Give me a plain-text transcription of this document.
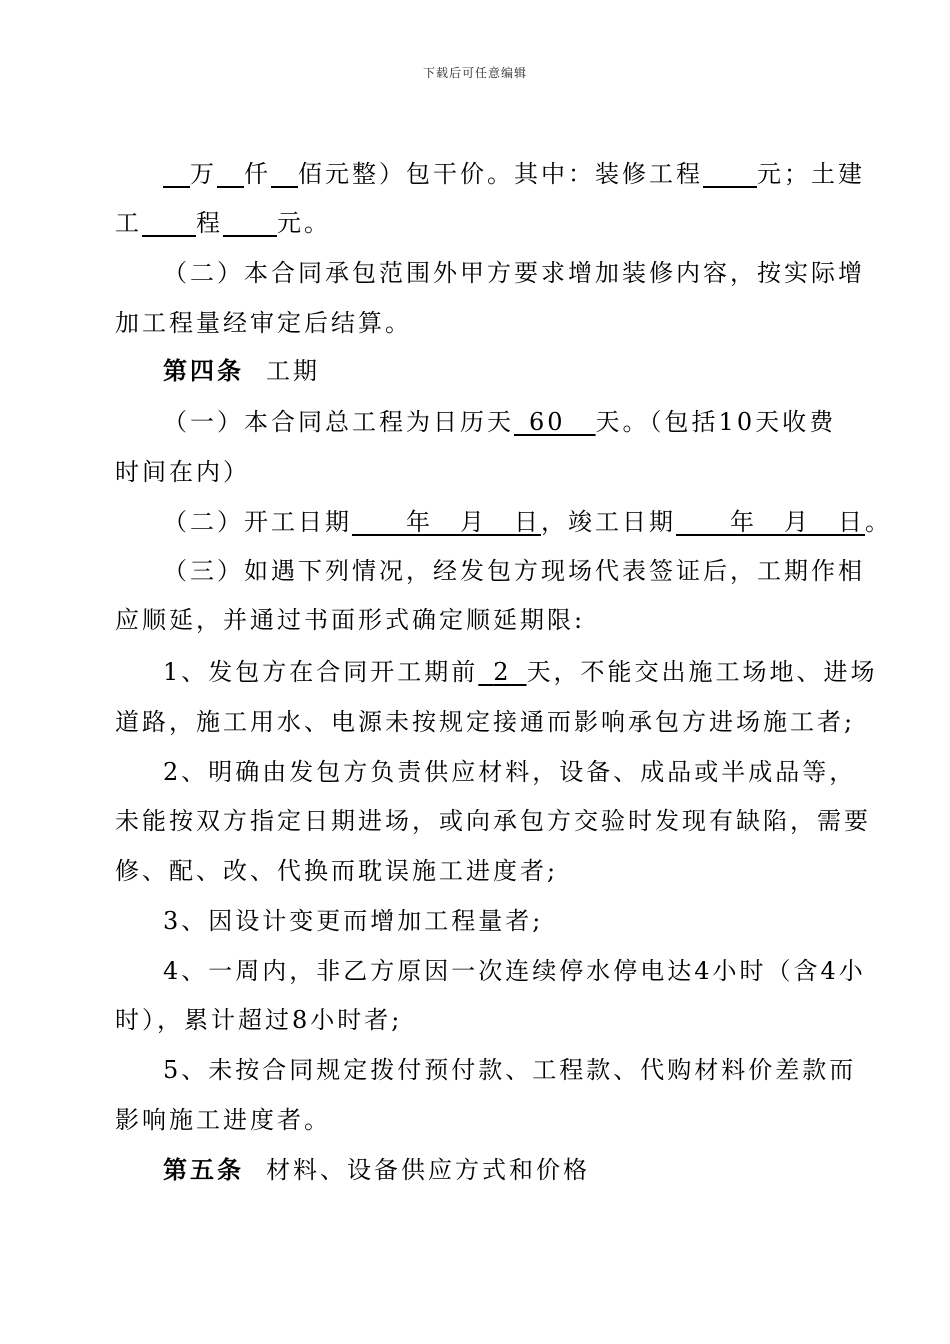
下载后可任意编辑
 万  仟  佰元整）包干价。其中：装修工程   元；土建
工   程   元。
（二）本合同承包范围外甲方要求增加装修内容，按实际增
加工程量经审定后结算。
第四条 工期
（一）本合同总工程为日历天  60   天。（包括10天收费
时间在内）
（二）开工日期   年  月  日，竣工日期   年  月  日。
（三）如遇下列情况，经发包方现场代表签证后，工期作相
应顺延，并通过书面形式确定顺延期限:
1、发包方在合同开工期前  2  天，不能交出施工场地、进场
道路，施工用水、电源未按规定接通而影响承包方进场施工者;
2、明确由发包方负责供应材料，设备、成品或半成品等，
未能按双方指定日期进场，或向承包方交验时发现有缺陷，需要
修、配、改、代换而耽误施工进度者;
3、因设计变更而增加工程量者;
4、一周内，非乙方原因一次连续停水停电达4小时（含4小
时），累计超过8小时者;
5、未按合同规定拨付预付款、工程款、代购材料价差款而
影响施工进度者。
第五条 材料、设备供应方式和价格
